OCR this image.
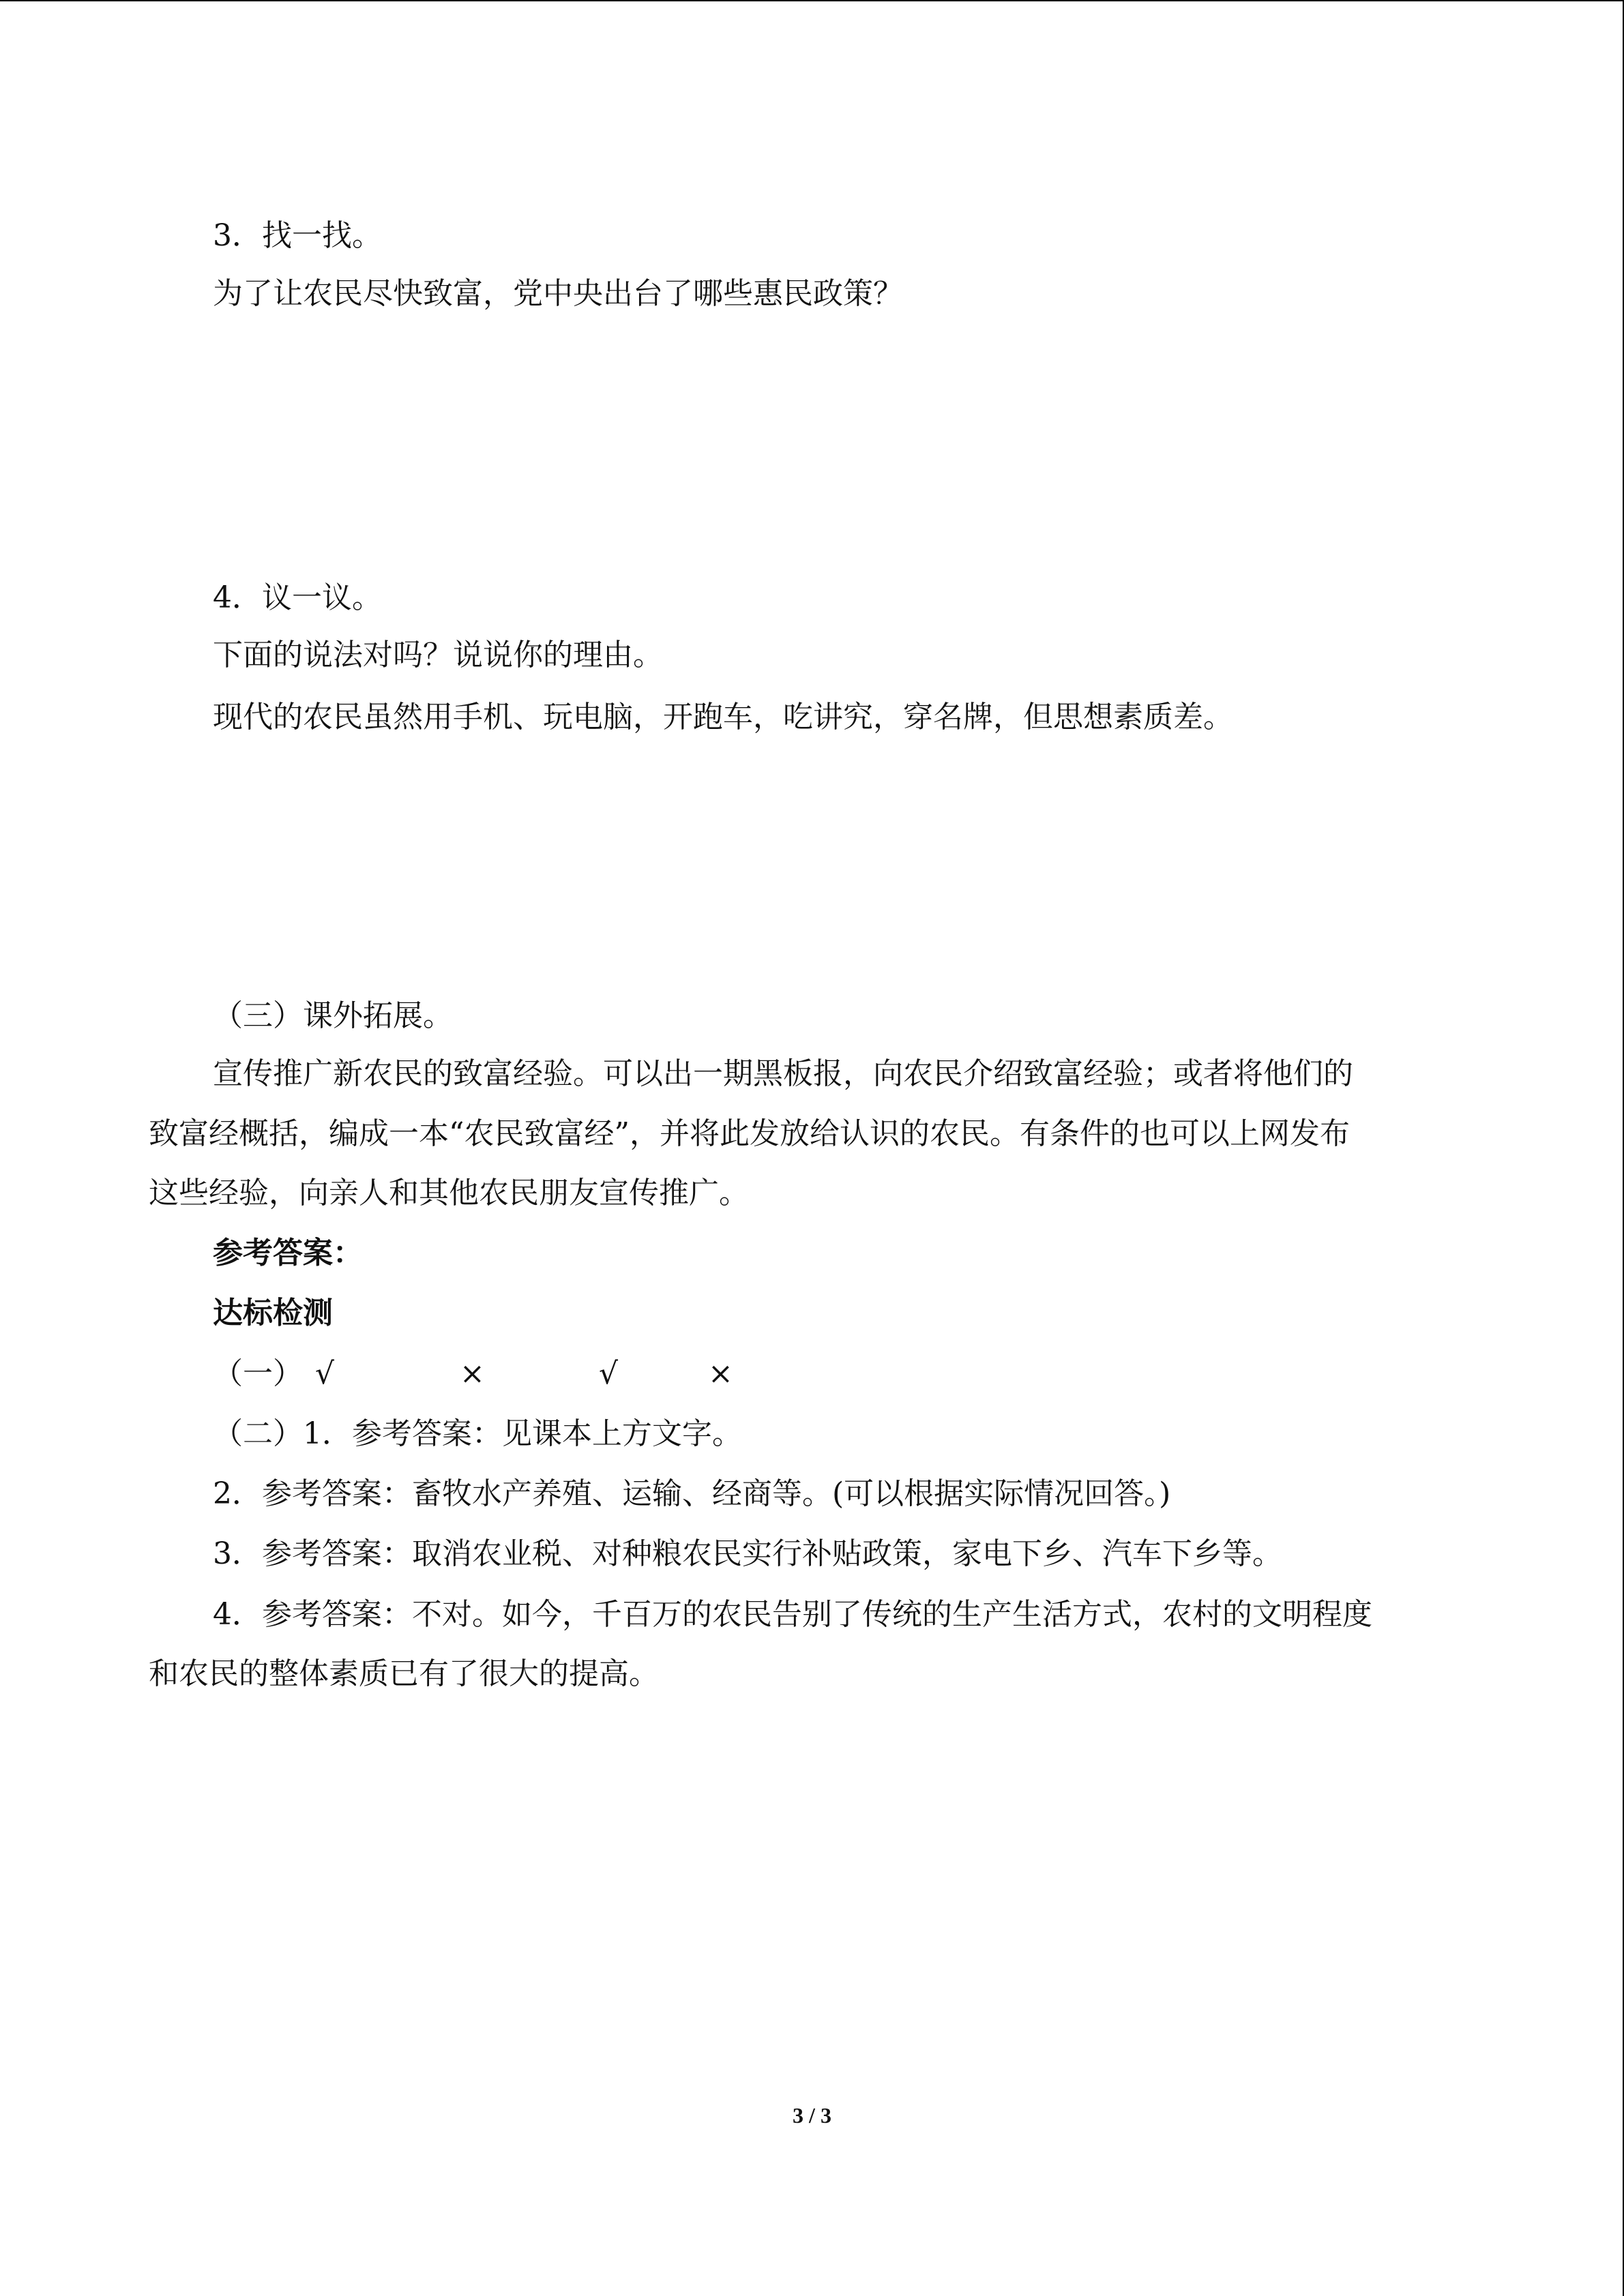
3．找一找。
为了让农民尽快致富，党中央出台了哪些惠民政策？
4．议一议。
下面的说法对吗？说说你的理由。
现代的农民虽然用手机、玩电脑，开跑车，吃讲究，穿名牌，但思想素质差。
（三）课外拓展。
宣传推广新农民的致富经验。可以出一期黑板报，向农民介绍致富经验；或者将他们的
致富经概括，编成一本“农民致富经”，并将此发放给认识的农民。有条件的也可以上网发布
这些经验，向亲人和其他农民朋友宣传推广。
参考答案：
达标检测
（一） √	×	√	×
（二）1．参考答案：见课本上方文字。
2．参考答案：畜牧水产养殖、运输、经商等。(可以根据实际情况回答。)
3．参考答案：取消农业税、对种粮农民实行补贴政策，家电下乡、汽车下乡等。
4．参考答案：不对。如今，千百万的农民告别了传统的生产生活方式，农村的文明程度
和农民的整体素质已有了很大的提高。
3 / 3
